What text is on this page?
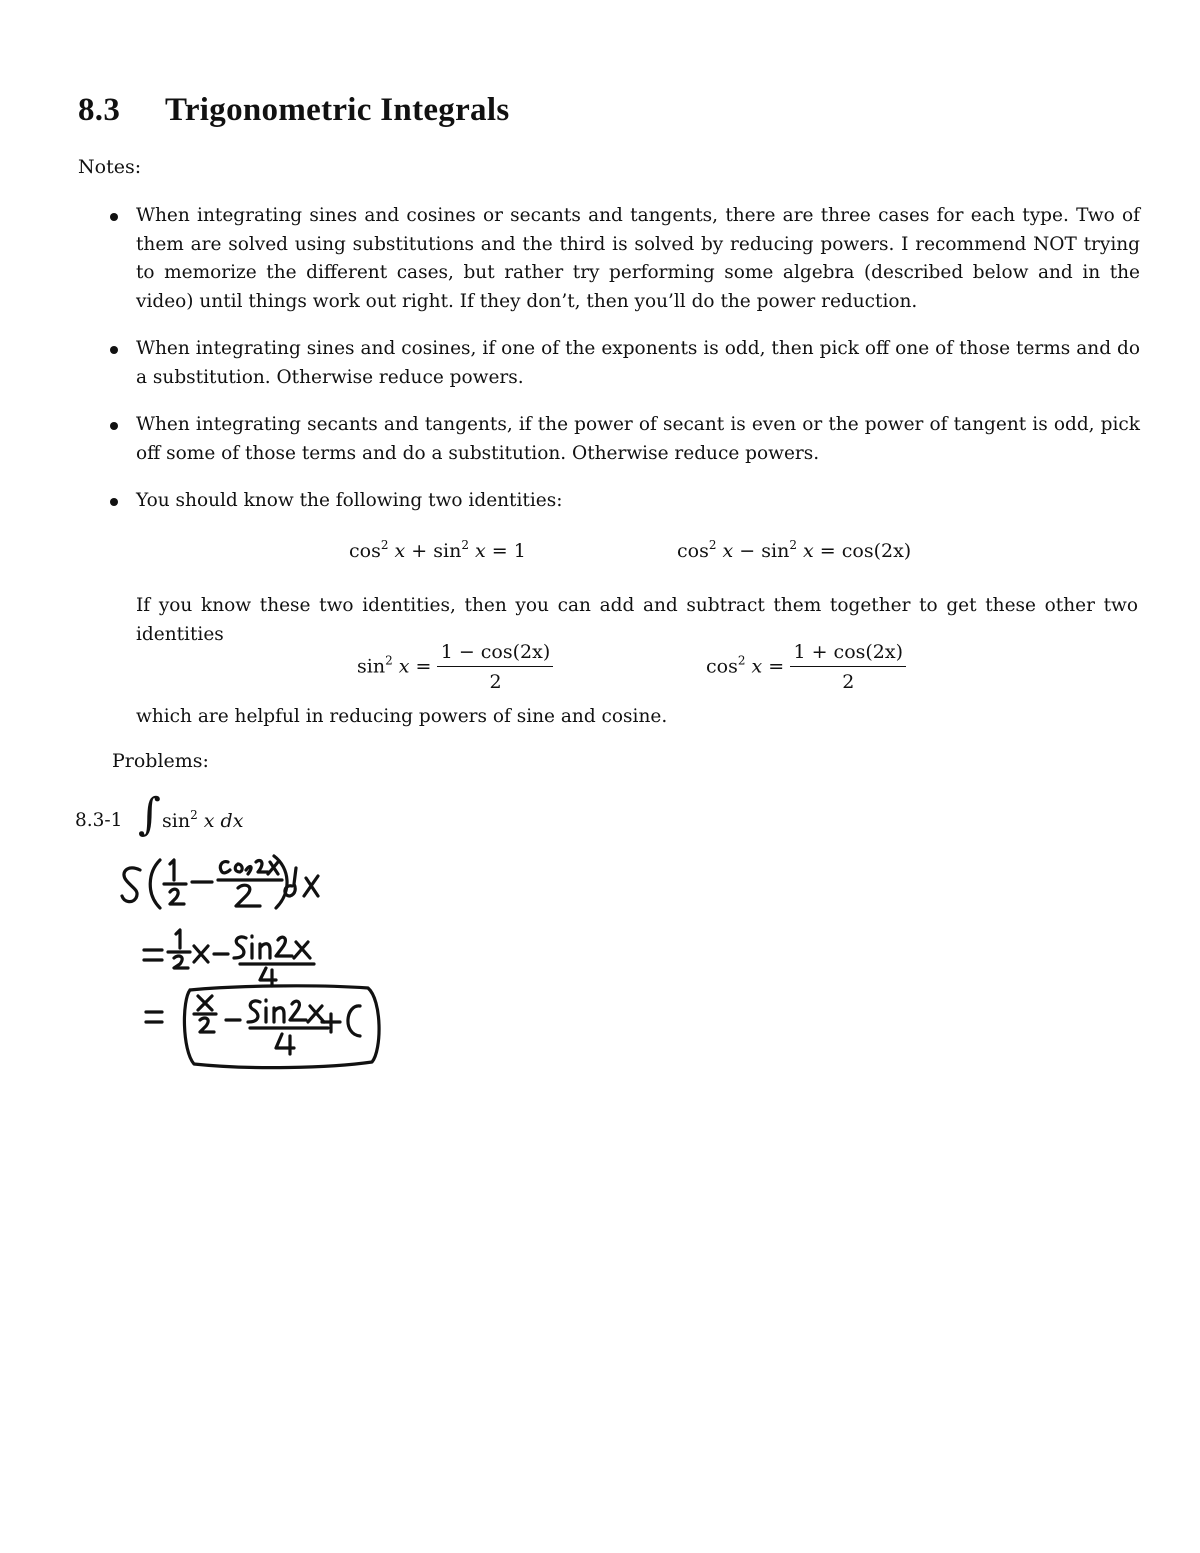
8.3 Trigonometric Integrals
Notes:
When integrating sines and cosines or secants and tangents, there are three cases for each type. Two of them are solved using substitutions and the third is solved by reducing powers. I recommend NOT trying to memorize the different cases, but rather try performing some algebra (described below and in the video) until things work out right. If they don’t, then you’ll do the power reduction.
When integrating sines and cosines, if one of the exponents is odd, then pick off one of those terms and do a substitution. Otherwise reduce powers.
When integrating secants and tangents, if the power of secant is even or the power of tangent is odd, pick off some of those terms and do a substitution. Otherwise reduce powers.
You should know the following two identities:
$\cos^2 x + \sin^2 x = 1$	$\cos^2 x - \sin^2 x = \cos(2x)$
If you know these two identities, then you can add and subtract them together to get these other two identities
$\sin^2 x = \frac{1 - \cos(2x)}{2}$	$\cos^2 x = \frac{1 + \cos(2x)}{2}$
which are helpful in reducing powers of sine and cosine.
Problems:
8.3-1 ∫ $\sin^2 x$ dx
